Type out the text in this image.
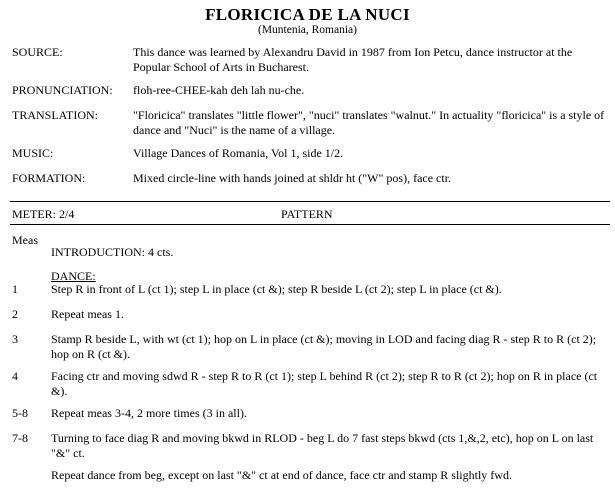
FLORICICA DE LA NUCI
(Muntenia, Romania)
SOURCE:	This dance was learned by Alexandru David in 1987 from Ion Petcu, dance instructor at the Popular School of Arts in Bucharest.
PRONUNCIATION: floh-ree-CHEE-kah deh lah nu-che.
TRANSLATION:	"Floricica" translates "little flower", "nuci" translates "walnut." In actuality "floricica" is a style of dance and "Nuci" is the name of a village.
MUSIC:	Village Dances of Romania, Vol 1, side 1/2.
FORMATION:	Mixed circle-line with hands joined at shldr ht ("W" pos), face ctr.
METER: 2/4	PATTERN
Meas
INTRODUCTION: 4 cts.
DANCE:
1	Step R in front of L (ct 1); step L in place (ct &); step R beside L (ct 2); step L in place (ct &).
2	Repeat meas 1.
3	Stamp R beside L, with wt (ct 1); hop on L in place (ct &); moving in LOD and facing diag R - step R to R (ct 2); hop on R (ct &).
4	Facing ctr and moving sdwd R - step R to R (ct 1); step L behind R (ct 2); step R to R (ct 2); hop on R in place (ct &).
5-8 Repeat meas 3-4, 2 more times (3 in all).
7-8 Turning to face diag R and moving bkwd in RLOD - beg L do 7 fast steps bkwd (cts 1,&,2, etc), hop on L on last "&" ct.
Repeat dance from beg, except on last "&" ct at end of dance, face ctr and stamp R slightly fwd.
